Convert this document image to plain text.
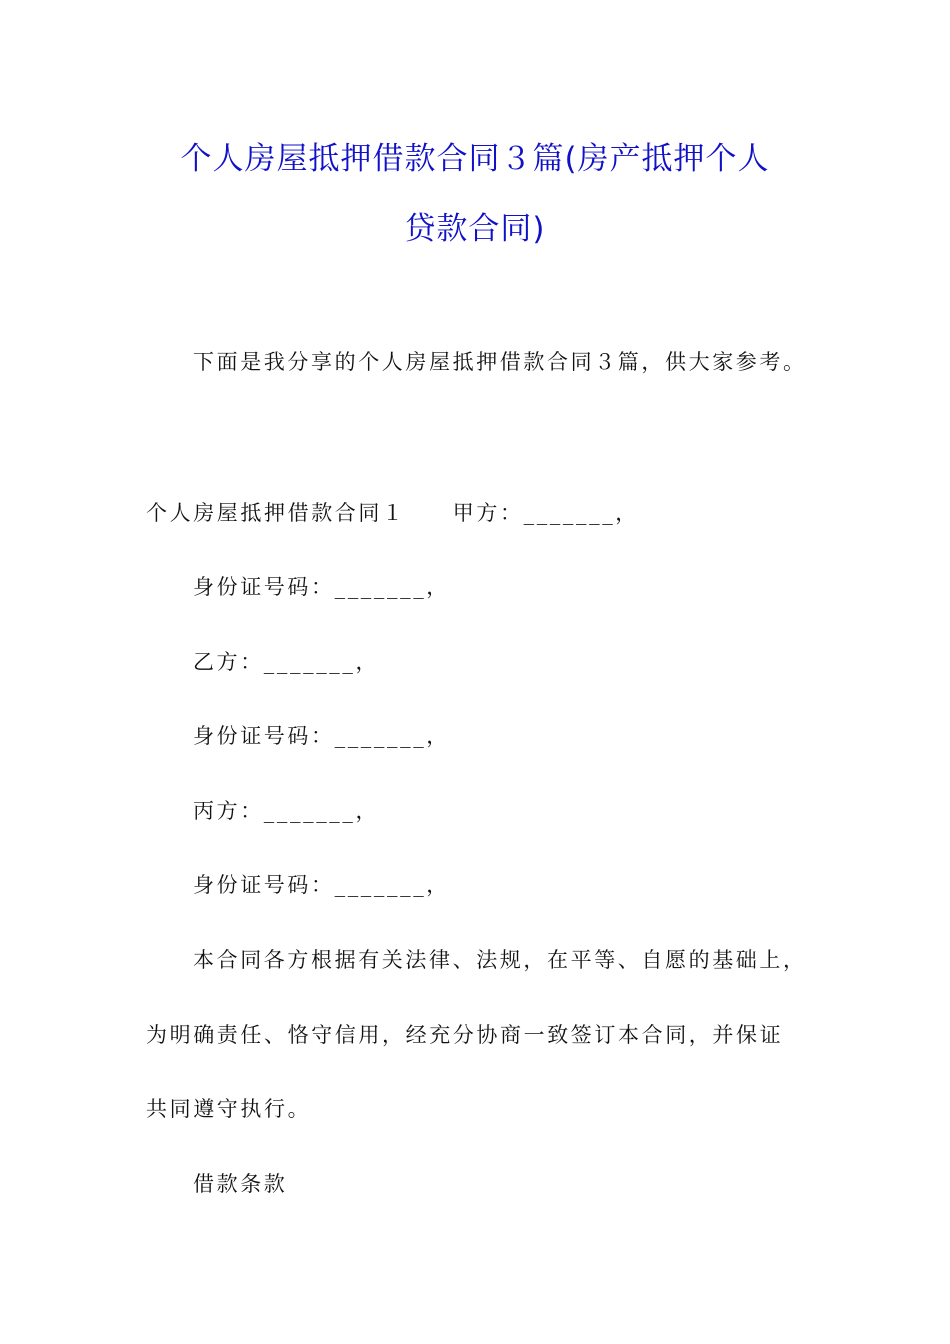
个人房屋抵押借款合同３篇(房产抵押个人
贷款合同)
下面是我分享的个人房屋抵押借款合同３篇，供大家参考。
个人房屋抵押借款合同１　　甲方：_______，
身份证号码：_______，
乙方：_______，
身份证号码：_______，
丙方：_______，
身份证号码：_______，
本合同各方根据有关法律、法规，在平等、自愿的基础上，
为明确责任、恪守信用，经充分协商一致签订本合同，并保证
共同遵守执行。
借款条款
